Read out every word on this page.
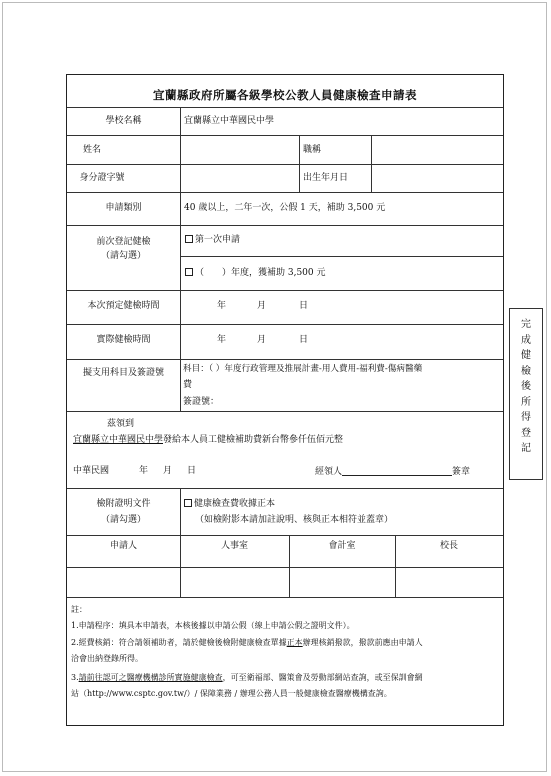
宜蘭縣政府所屬各級學校公教人員健康檢查申請表
學校名稱	宜蘭縣立中華國民中學
姓名	職稱
身分證字號	出生年月日
申請類別	40 歲以上，二年一次，公假 1 天，補助 3,500 元
前次登記健檢
（請勾選）
第一次申請
（　　）年度，獲補助 3,500 元
本次預定健檢時間	年	月	日
實際健檢時間	年	月	日
擬支用科目及簽證號	科目：（ ）年度行政管理及推展計畫-用人費用-福利費-傷病醫藥
費
簽證號：
茲領到
宜蘭縣立中華國民中學發給本人員工健檢補助費新台幣參仟伍佰元整
中華民國	年 月 日	經領人	簽章
檢附證明文件
（請勾選）
健康檢查費收據正本
（如檢附影本請加註說明、核與正本相符並蓋章）
申請人	人事室	會計室	校長
註：
1.申請程序：填具本申請表，本核後據以申請公假（線上申請公假之證明文件）。
2.經費核銷：符合請領補助者，請於健檢後檢附健康檢查單據正本辦理核銷撥款，撥款前應由申請人
洽會出納登錄所得。
3.請前往認可之醫療機構診所實施健康檢查，可至衛福部、醫策會及勞動部網站查詢，或至保訓會網
站（http://www.csptc.gov.tw/）/ 保障業務 / 辦理公務人員一般健康檢查醫療機構查詢。
完
成
健
檢
後
所
得
登
記
